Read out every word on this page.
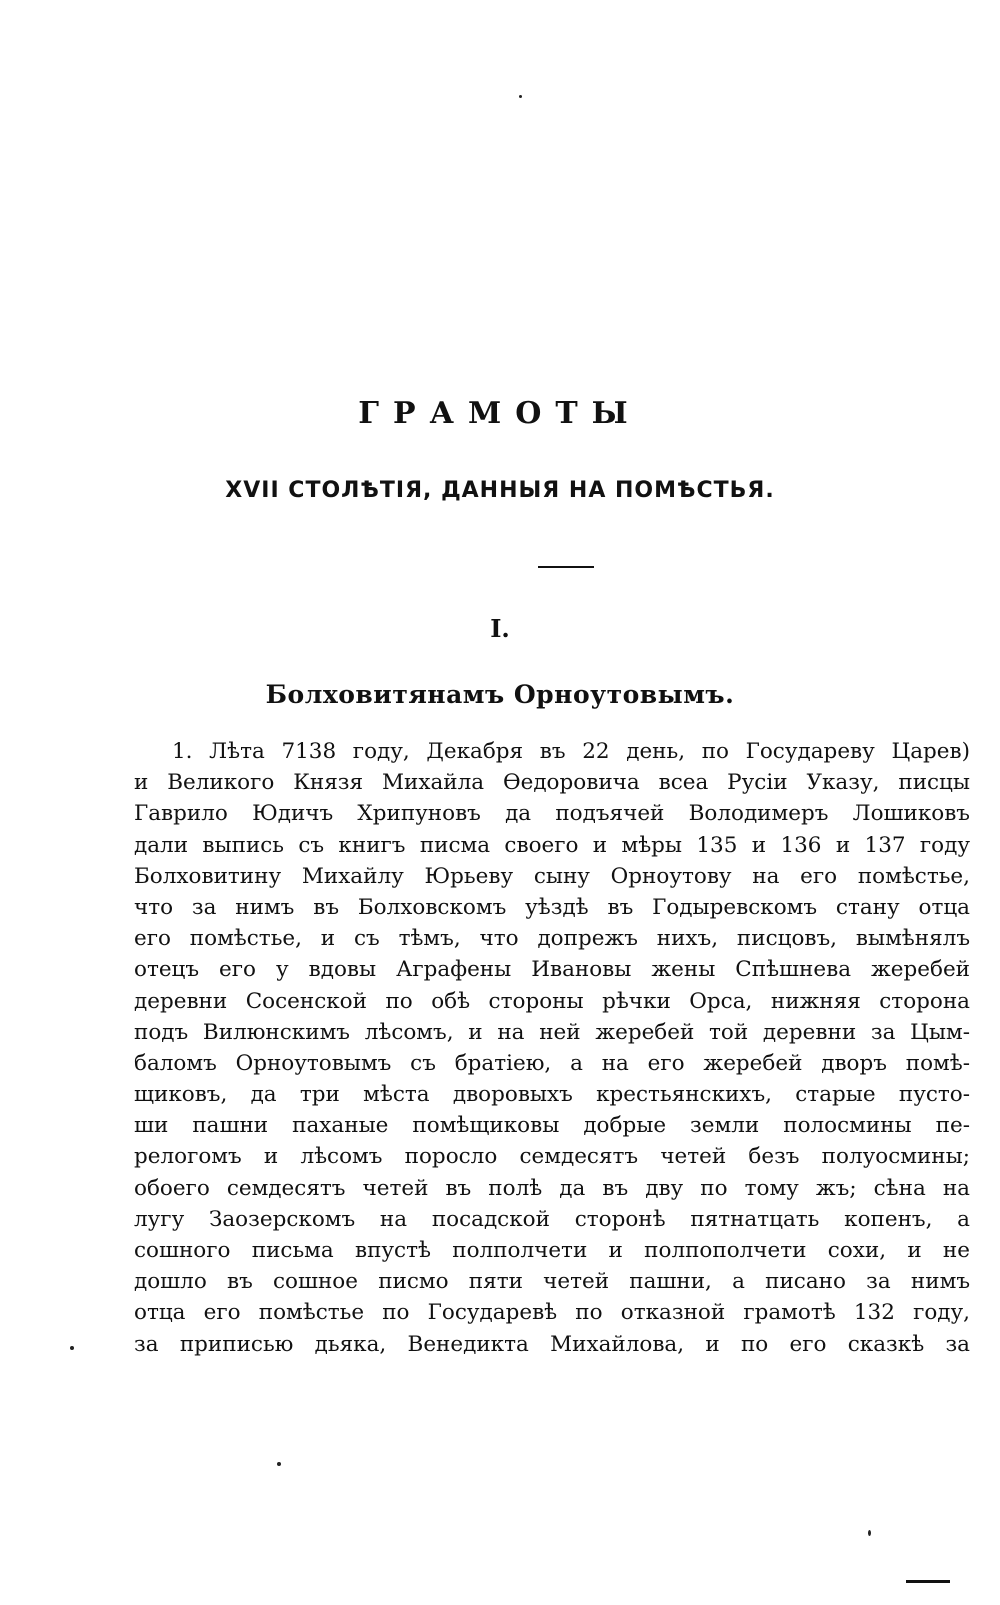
ГРАМОТЫ
XVII СТОЛѢТІЯ, ДАННЫЯ НА ПОМѢСТЬЯ.
I.
Болховитянамъ Орноутовымъ.
1. Лѣта 7138 году, Декабря въ 22 день, по Государеву Царев)
и Великого Князя Михайла Ѳедоровича всеа Русіи Указу, писцы
Гаврило Юдичъ Хрипуновъ да подъячей Володимеръ Лошиковъ
дали выпись съ книгъ писма своего и мѣры 135 и 136 и 137 году
Болховитину Михайлу Юрьеву сыну Орноутову на его помѣстье,
что за нимъ въ Болховскомъ уѣздѣ въ Годыревскомъ стану отца
его помѣстье, и съ тѣмъ, что допрежъ нихъ, писцовъ, вымѣнялъ
отецъ его у вдовы Аграфены Ивановы жены Спѣшнева жеребей
деревни Сосенской по обѣ стороны рѣчки Орса, нижняя сторона
подъ Вилюнскимъ лѣсомъ, и на ней жеребей той деревни за Цым-
баломъ Орноутовымъ съ братіею, а на его жеребей дворъ помѣ-
щиковъ, да три мѣста дворовыхъ крестьянскихъ, старые пусто-
ши пашни паханые помѣщиковы добрые земли полосмины пе-
релогомъ и лѣсомъ поросло семдесятъ четей безъ полуосмины;
обоего семдесятъ четей въ полѣ да въ дву по тому жъ; сѣна на
лугу Заозерскомъ на посадской сторонѣ пятнатцать копенъ, а
сошного письма впустѣ полполчети и полпополчети сохи, и не
дошло въ сошное писмо пяти четей пашни, а писано за нимъ
отца его помѣстье по Государевѣ по отказной грамотѣ 132 году,
за приписью дьяка, Венедикта Михайлова, и по его сказкѣ за
